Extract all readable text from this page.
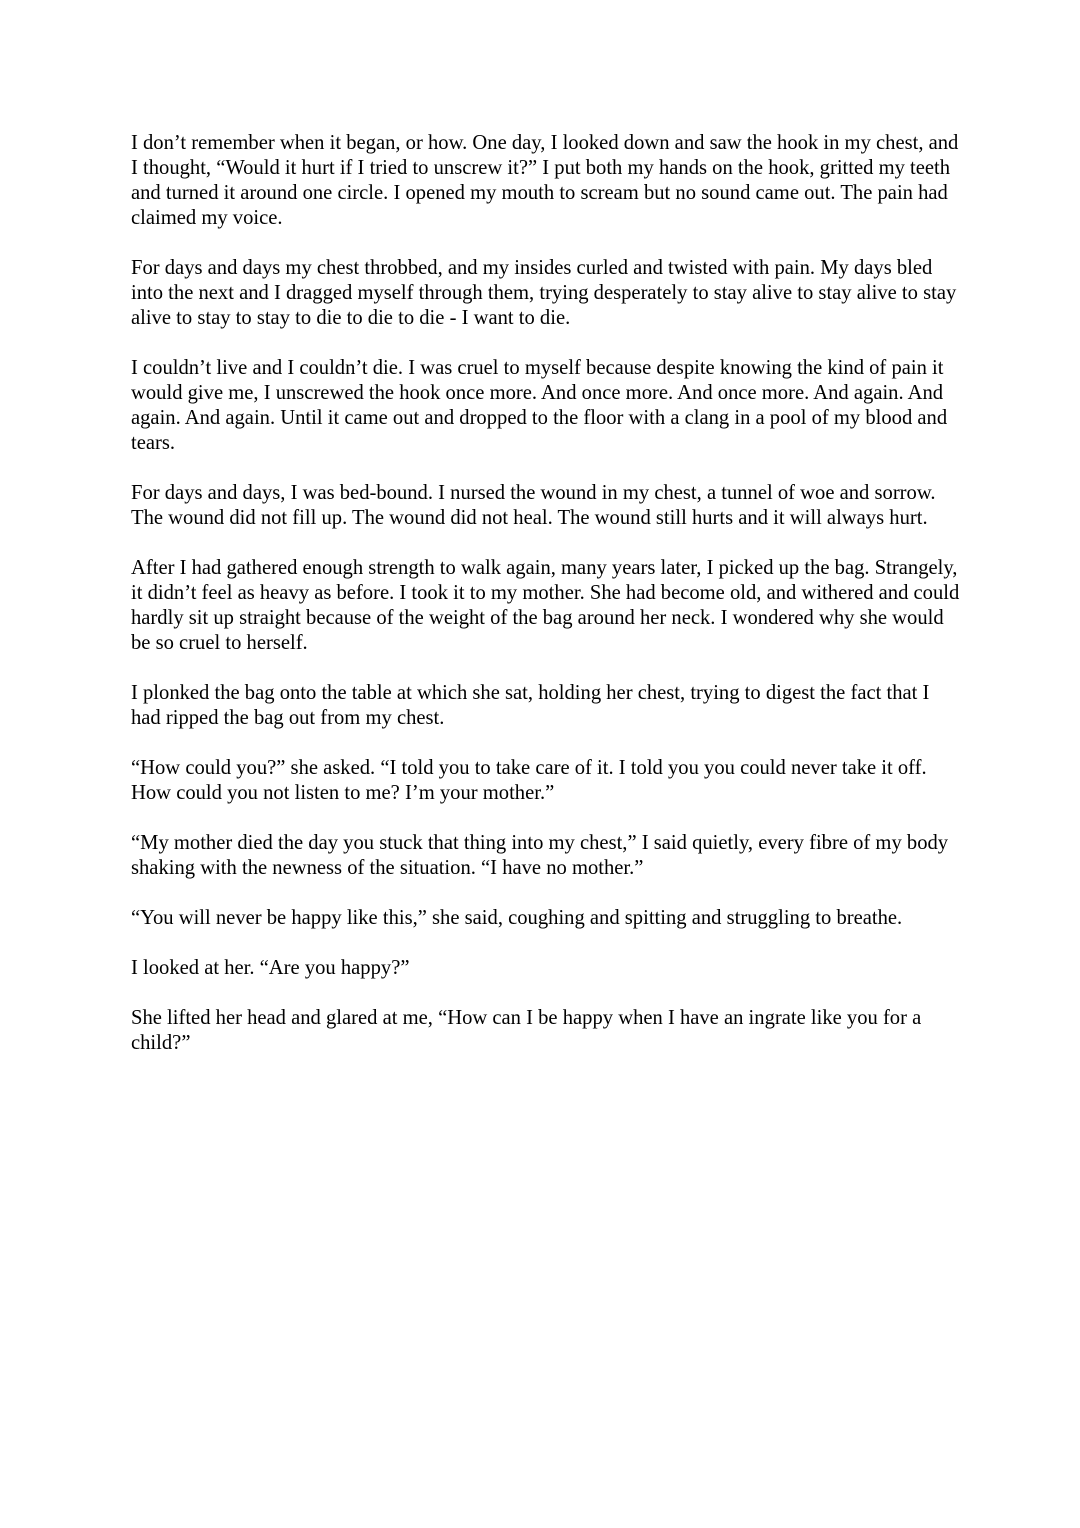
I don’t remember when it began, or how. One day, I looked down and saw the hook in my chest, and I thought, “Would it hurt if I tried to unscrew it?” I put both my hands on the hook, gritted my teeth and turned it around one circle. I opened my mouth to scream but no sound came out. The pain had claimed my voice.

For days and days my chest throbbed, and my insides curled and twisted with pain. My days bled into the next and I dragged myself through them, trying desperately to stay alive to stay alive to stay alive to stay to stay to die to die to die - I want to die.

I couldn’t live and I couldn’t die. I was cruel to myself because despite knowing the kind of pain it would give me, I unscrewed the hook once more. And once more. And once more. And again. And again. And again. Until it came out and dropped to the floor with a clang in a pool of my blood and tears.

For days and days, I was bed-bound. I nursed the wound in my chest, a tunnel of woe and sorrow. The wound did not fill up. The wound did not heal. The wound still hurts and it will always hurt.

After I had gathered enough strength to walk again, many years later, I picked up the bag. Strangely, it didn’t feel as heavy as before. I took it to my mother. She had become old, and withered and could hardly sit up straight because of the weight of the bag around her neck. I wondered why she would be so cruel to herself.

I plonked the bag onto the table at which she sat, holding her chest, trying to digest the fact that I had ripped the bag out from my chest.

“How could you?” she asked. “I told you to take care of it. I told you you could never take it off. How could you not listen to me? I’m your mother.”

“My mother died the day you stuck that thing into my chest,” I said quietly, every fibre of my body shaking with the newness of the situation. “I have no mother.”

“You will never be happy like this,” she said, coughing and spitting and struggling to breathe.

I looked at her. “Are you happy?”

She lifted her head and glared at me, “How can I be happy when I have an ingrate like you for a child?”
